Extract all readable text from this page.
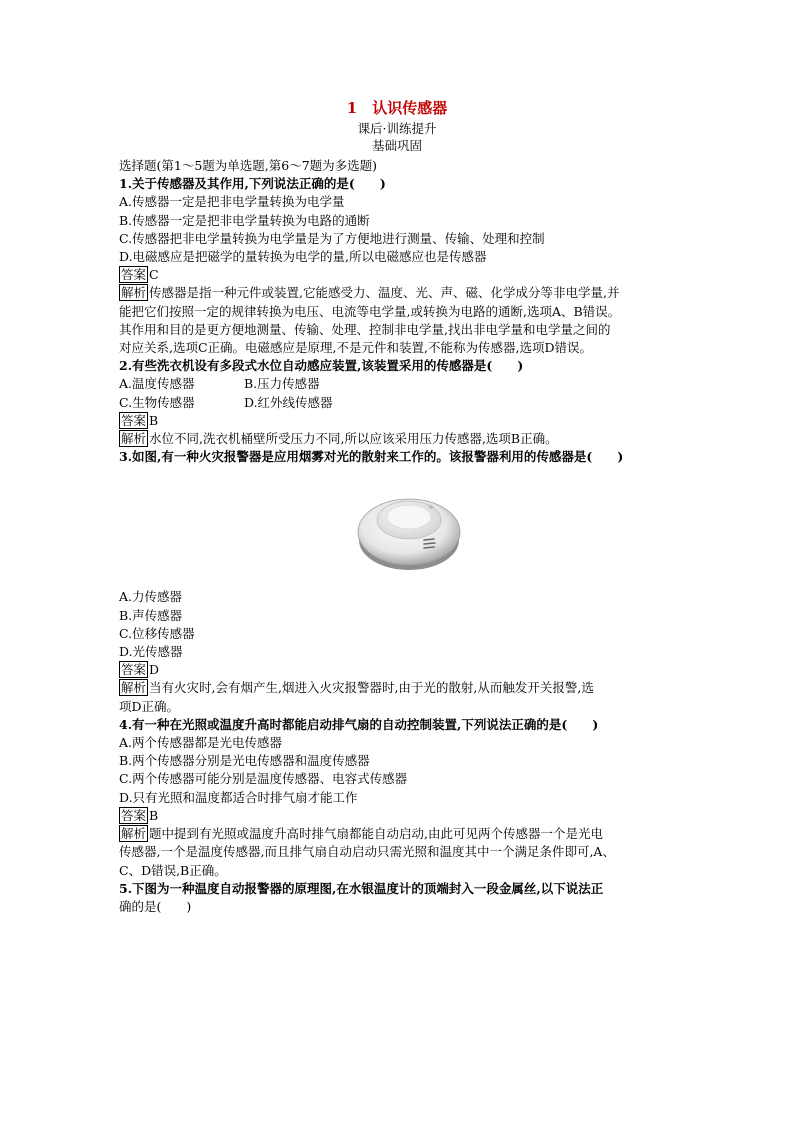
1　认识传感器
课后·训练提升
基础巩固
选择题(第1～5题为单选题,第6～7题为多选题)
1.关于传感器及其作用,下列说法正确的是(　　)
A.传感器一定是把非电学量转换为电学量
B.传感器一定是把非电学量转换为电路的通断
C.传感器把非电学量转换为电学量是为了方便地进行测量、传输、处理和控制
D.电磁感应是把磁学的量转换为电学的量,所以电磁感应也是传感器
答案 C
解析 传感器是指一种元件或装置,它能感受力、温度、光、声、磁、化学成分等非电学量,并
能把它们按照一定的规律转换为电压、电流等电学量,或转换为电路的通断,选项A、B错误。
其作用和目的是更方便地测量、传输、处理、控制非电学量,找出非电学量和电学量之间的
对应关系,选项C正确。电磁感应是原理,不是元件和装置,不能称为传感器,选项D错误。
2.有些洗衣机设有多段式水位自动感应装置,该装置采用的传感器是(　　)
A.温度传感器	B.压力传感器
C.生物传感器	D.红外线传感器
答案 B
解析 水位不同,洗衣机桶壁所受压力不同,所以应该采用压力传感器,选项B正确。
3.如图,有一种火灾报警器是应用烟雾对光的散射来工作的。该报警器利用的传感器是(　　)
A.力传感器
B.声传感器
C.位移传感器
D.光传感器
答案 D
解析 当有火灾时,会有烟产生,烟进入火灾报警器时,由于光的散射,从而触发开关报警,选
项D正确。
4.有一种在光照或温度升高时都能启动排气扇的自动控制装置,下列说法正确的是(　　)
A.两个传感器都是光电传感器
B.两个传感器分别是光电传感器和温度传感器
C.两个传感器可能分别是温度传感器、电容式传感器
D.只有光照和温度都适合时排气扇才能工作
答案 B
解析 题中提到有光照或温度升高时排气扇都能自动启动,由此可见两个传感器一个是光电
传感器,一个是温度传感器,而且排气扇自动启动只需光照和温度其中一个满足条件即可,A、
C、D错误,B正确。
5.下图为一种温度自动报警器的原理图,在水银温度计的顶端封入一段金属丝,以下说法正
确的是(　　)
